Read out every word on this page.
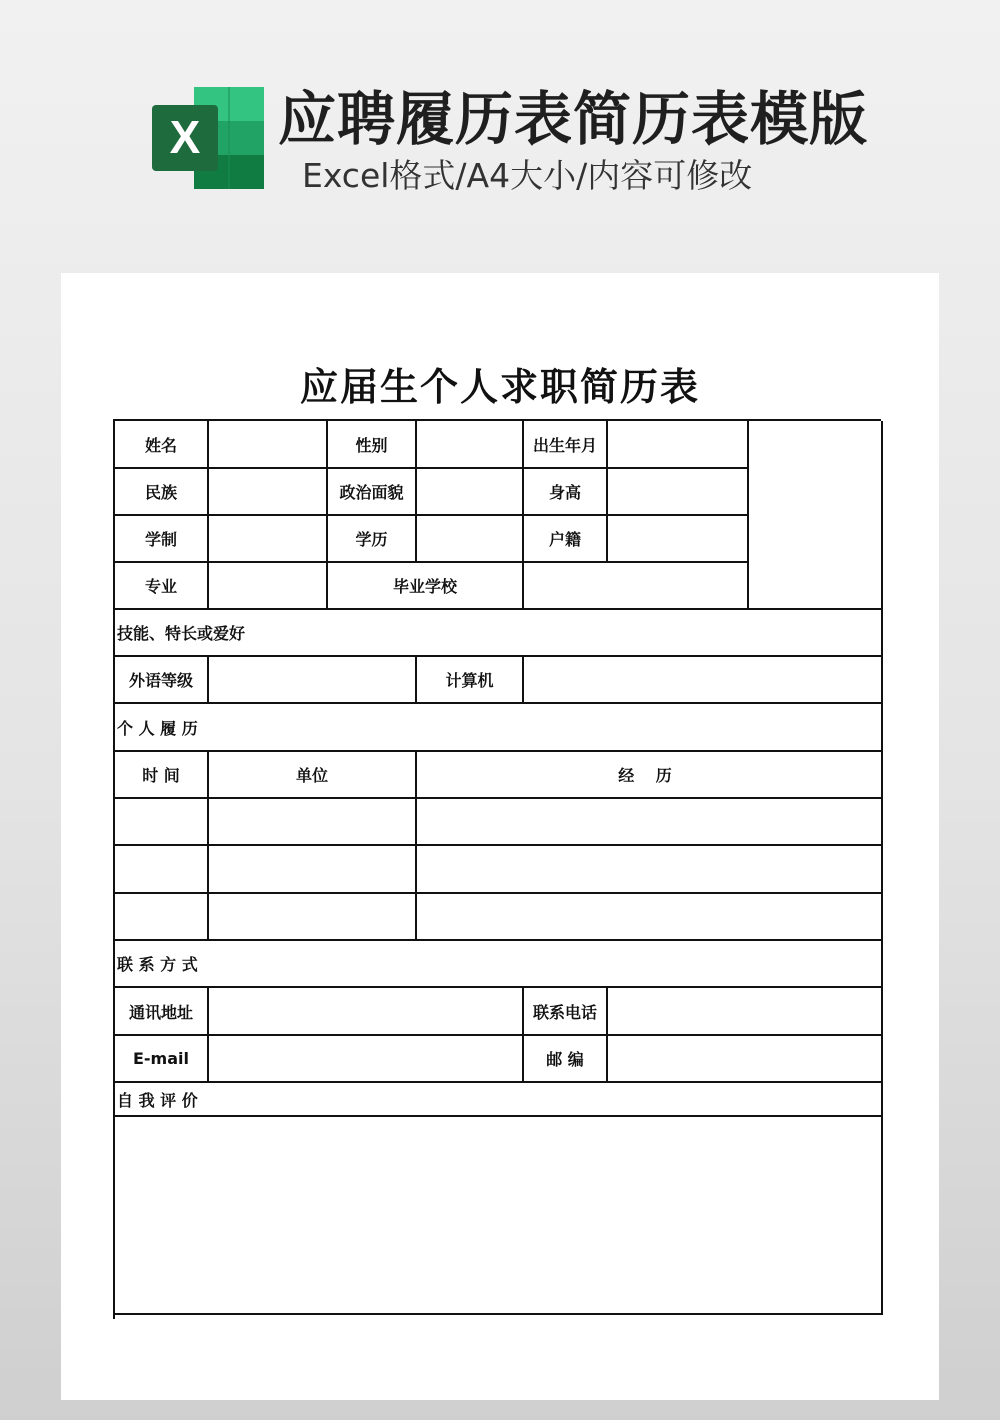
X 应聘履历表简历表模版
Excel格式/A4大小/内容可修改
应届生个人求职简历表
姓名	性别	出生年月
民族	政治面貌	身高
学制	学历	户籍
专业	毕业学校
技能、特长或爱好
外语等级	计算机
个 人 履 历
时 间	单位	经 历
联 系 方 式
通讯地址	联系电话
E-mail	邮 编
自 我 评 价
